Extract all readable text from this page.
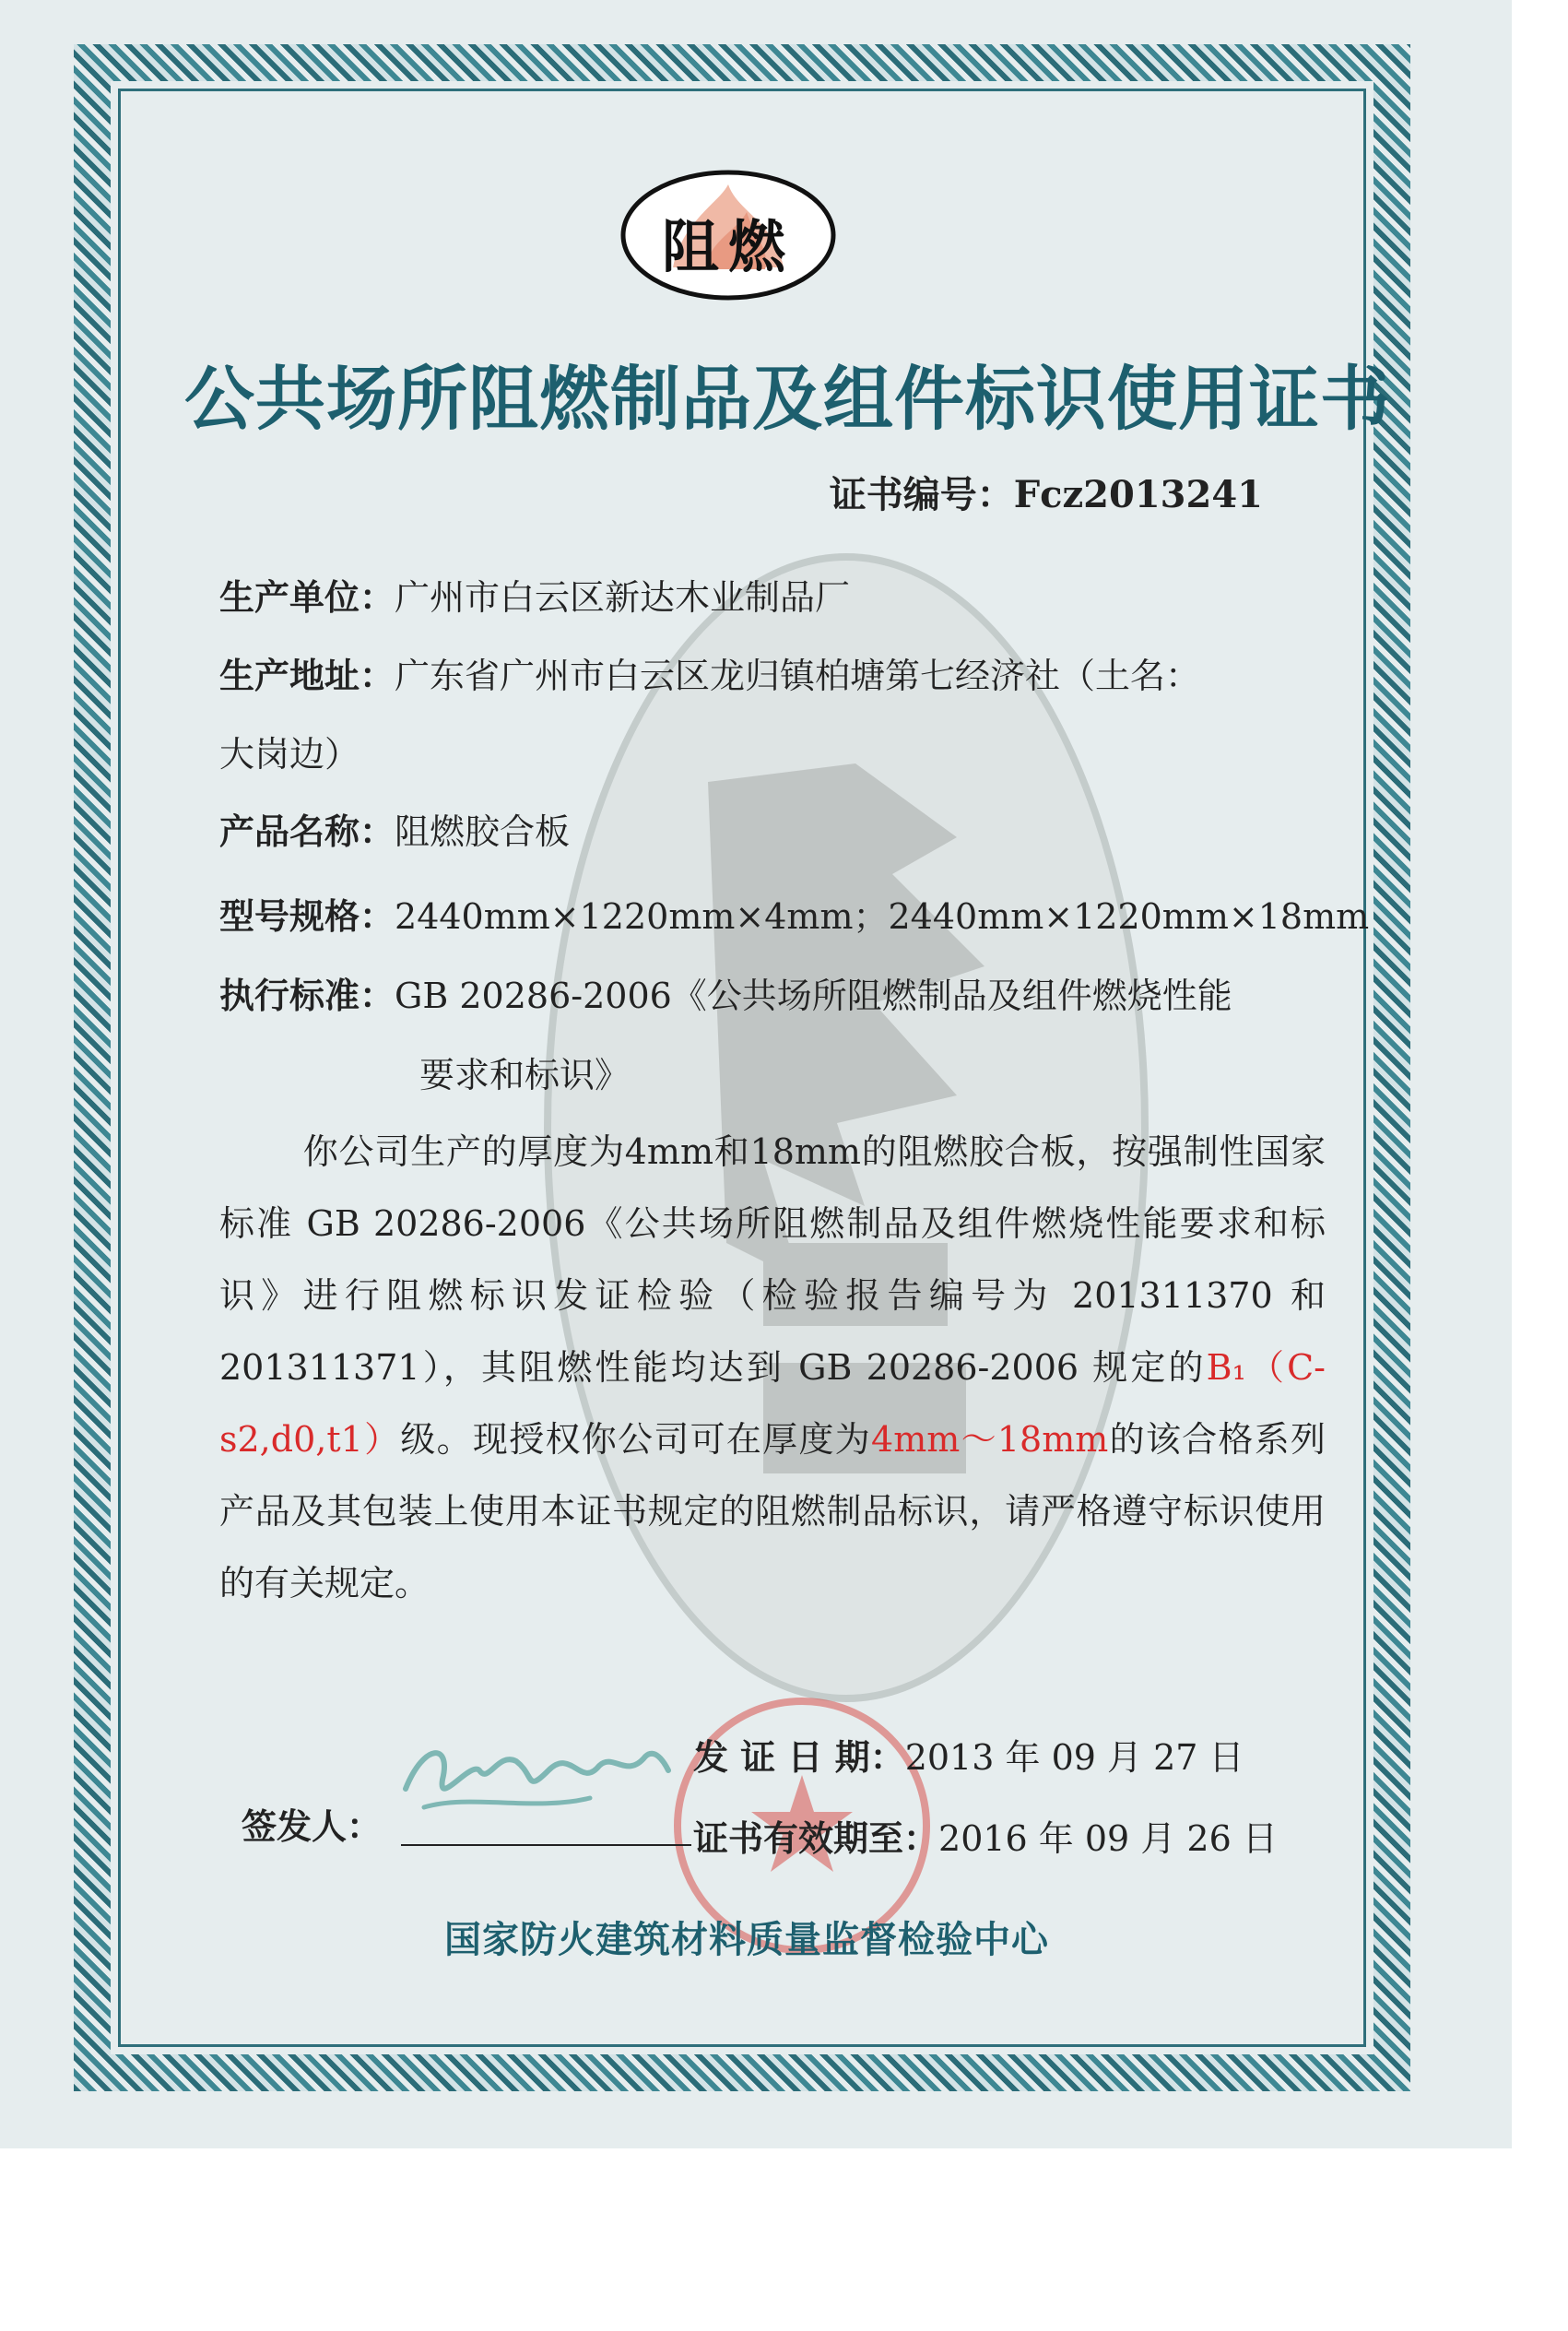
阻燃
公共场所阻燃制品及组件标识使用证书
证书编号：Fcz2013241
生产单位：广州市白云区新达木业制品厂
生产地址：广东省广州市白云区龙归镇柏塘第七经济社（土名：
大岗边）
产品名称：阻燃胶合板
型号规格：2440mm×1220mm×4mm；2440mm×1220mm×18mm
执行标准：GB 20286-2006《公共场所阻燃制品及组件燃烧性能
要求和标识》
你公司生产的厚度为4mm和18mm的阻燃胶合板，按强制性国家标准 GB 20286-2006《公共场所阻燃制品及组件燃烧性能要求和标识》进行阻燃标识发证检验（检验报告编号为 201311370 和 201311371），其阻燃性能均达到 GB 20286-2006 规定的B₁（C-s2,d0,t1）级。现授权你公司可在厚度为4mm～18mm的该合格系列产品及其包装上使用本证书规定的阻燃制品标识，请严格遵守标识使用的有关规定。
签发人：
发 证 日 期：2013 年 09 月 27 日
证书有效期至：2016 年 09 月 26 日
国家防火建筑材料质量监督检验中心
